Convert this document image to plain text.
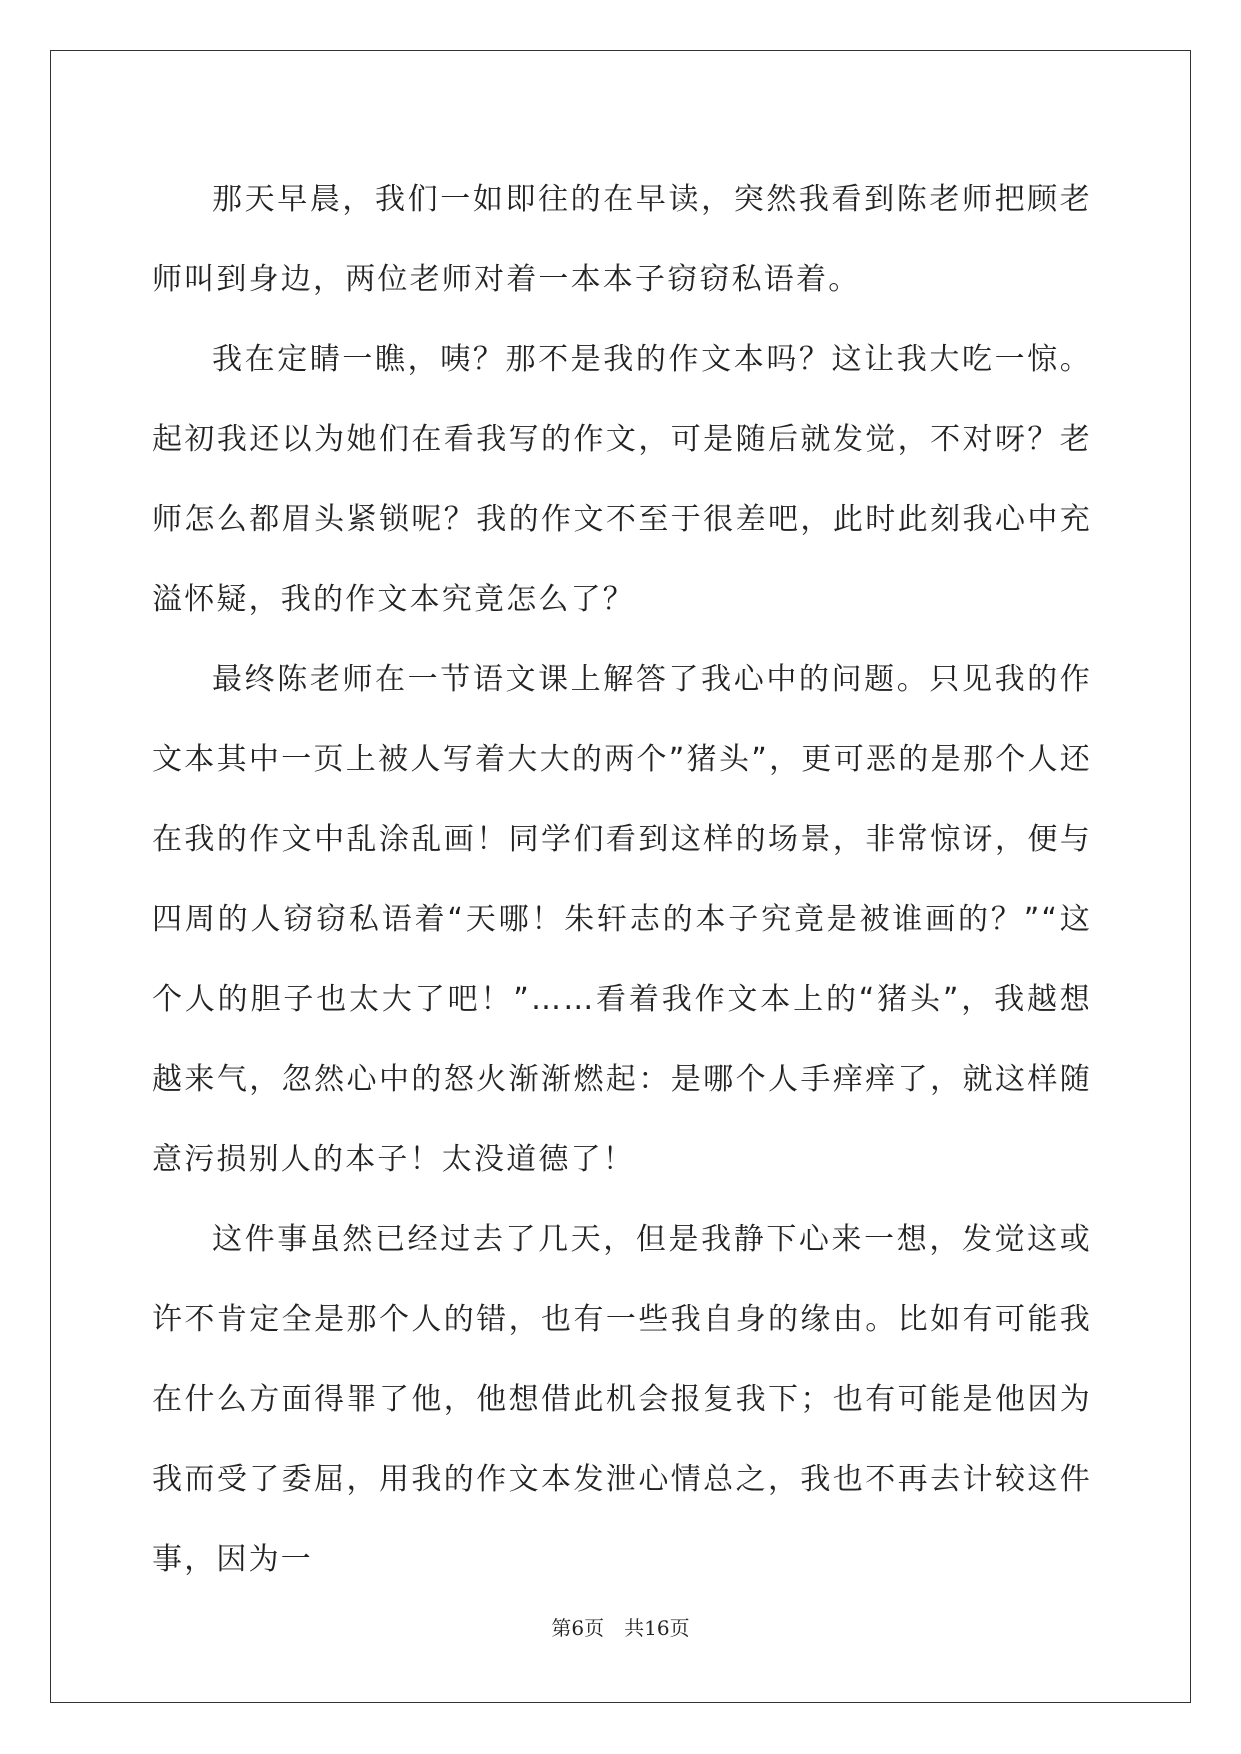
那天早晨，我们一如即往的在早读，突然我看到陈老师把顾老师叫到身边，两位老师对着一本本子窃窃私语着。

我在定睛一瞧，咦？那不是我的作文本吗？这让我大吃一惊。起初我还以为她们在看我写的作文，可是随后就发觉，不对呀？老师怎么都眉头紧锁呢？我的作文不至于很差吧，此时此刻我心中充溢怀疑，我的作文本究竟怎么了？

最终陈老师在一节语文课上解答了我心中的问题。只见我的作文本其中一页上被人写着大大的两个”猪头”，更可恶的是那个人还在我的作文中乱涂乱画！同学们看到这样的场景，非常惊讶，便与四周的人窃窃私语着“天哪！朱轩志的本子究竟是被谁画的？”“这个人的胆子也太大了吧！”……看着我作文本上的“猪头”，我越想越来气，忽然心中的怒火渐渐燃起：是哪个人手痒痒了，就这样随意污损别人的本子！太没道德了！

这件事虽然已经过去了几天，但是我静下心来一想，发觉这或许不肯定全是那个人的错，也有一些我自身的缘由。比如有可能我在什么方面得罪了他，他想借此机会报复我下；也有可能是他因为我而受了委屈，用我的作文本发泄心情总之，我也不再去计较这件事，因为一

第6页　共16页
